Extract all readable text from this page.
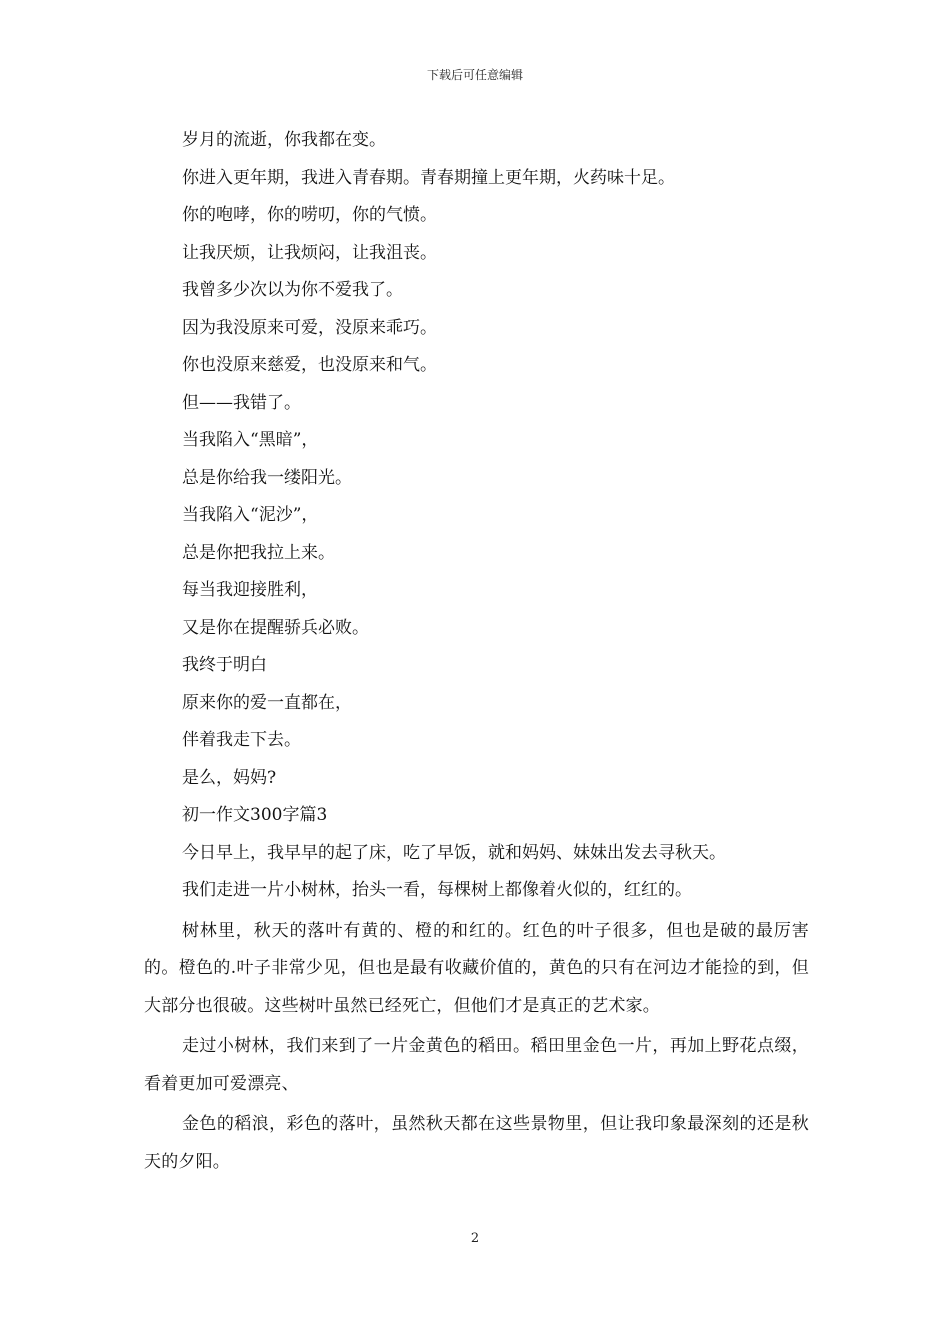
下载后可任意编辑
岁月的流逝，你我都在变。
你进入更年期，我进入青春期。青春期撞上更年期，火药味十足。
你的咆哮，你的唠叨，你的气愤。
让我厌烦，让我烦闷，让我沮丧。
我曾多少次以为你不爱我了。
因为我没原来可爱，没原来乖巧。
你也没原来慈爱，也没原来和气。
但——我错了。
当我陷入“黑暗”，
总是你给我一缕阳光。
当我陷入“泥沙”，
总是你把我拉上来。
每当我迎接胜利，
又是你在提醒骄兵必败。
我终于明白
原来你的爱一直都在，
伴着我走下去。
是么，妈妈?
初一作文300字篇3
今日早上，我早早的起了床，吃了早饭，就和妈妈、妹妹出发去寻秋天。
我们走进一片小树林，抬头一看，每棵树上都像着火似的，红红的。

树林里，秋天的落叶有黄的、橙的和红的。红色的叶子很多，但也是破的最厉害的。橙色的.叶子非常少见，但也是最有收藏价值的，黄色的只有在河边才能捡的到，但大部分也很破。这些树叶虽然已经死亡，但他们才是真正的艺术家。

走过小树林，我们来到了一片金黄色的稻田。稻田里金色一片，再加上野花点缀，看着更加可爱漂亮、

金色的稻浪，彩色的落叶，虽然秋天都在这些景物里，但让我印象最深刻的还是秋天的夕阳。

2
